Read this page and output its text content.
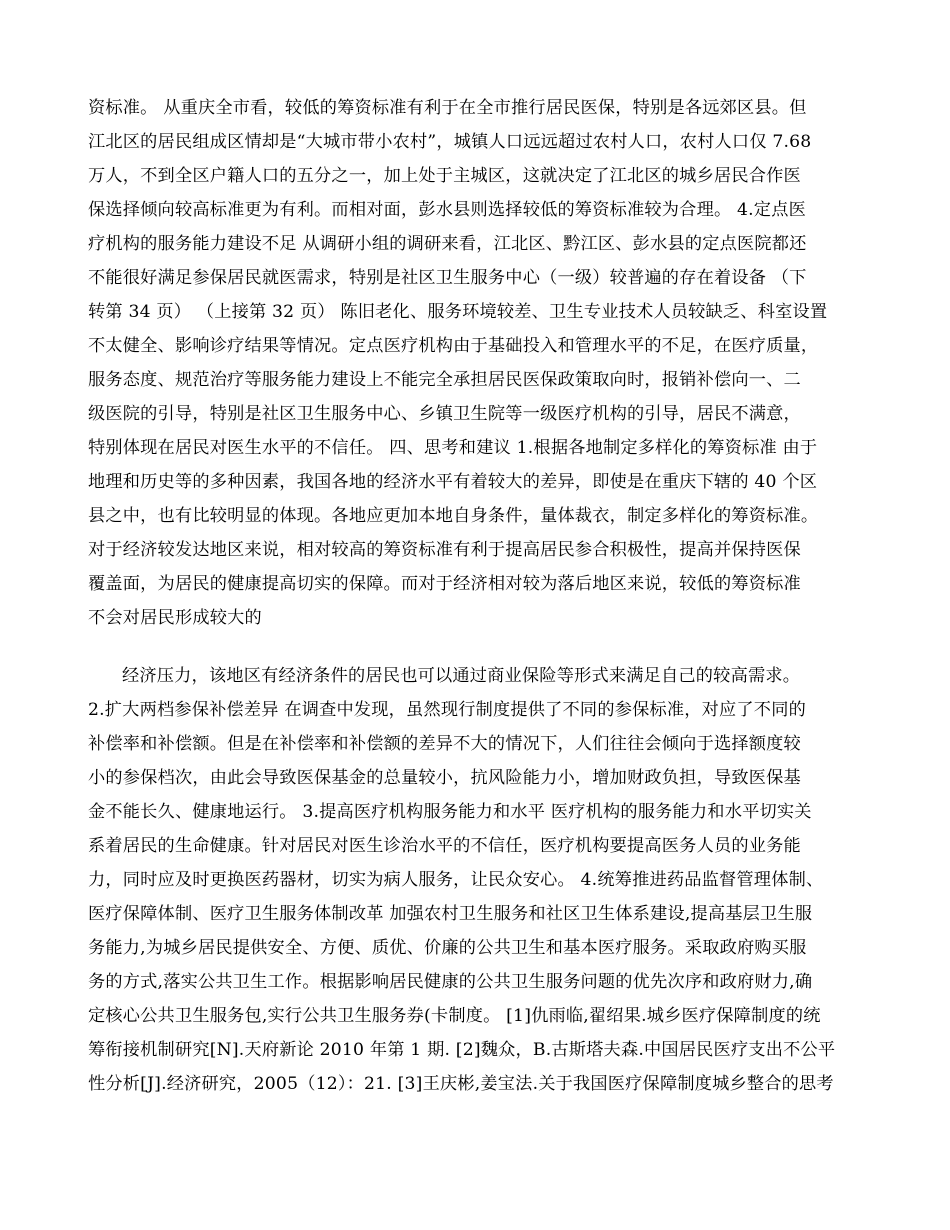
资标准。 从重庆全市看，较低的筹资标准有利于在全市推行居民医保，特别是各远郊区县。但
江北区的居民组成区情却是“大城市带小农村”，城镇人口远远超过农村人口，农村人口仅 7.68
万人，不到全区户籍人口的五分之一，加上处于主城区，这就决定了江北区的城乡居民合作医
保选择倾向较高标准更为有利。而相对面，彭水县则选择较低的筹资标准较为合理。 4.定点医
疗机构的服务能力建设不足 从调研小组的调研来看，江北区、黔江区、彭水县的定点医院都还
不能很好满足参保居民就医需求，特别是社区卫生服务中心（一级）较普遍的存在着设备 （下
转第 34 页） （上接第 32 页） 陈旧老化、服务环境较差、卫生专业技术人员较缺乏、科室设置
不太健全、影响诊疗结果等情况。定点医疗机构由于基础投入和管理水平的不足，在医疗质量，
服务态度、规范治疗等服务能力建设上不能完全承担居民医保政策取向时，报销补偿向一、二
级医院的引导，特别是社区卫生服务中心、乡镇卫生院等一级医疗机构的引导，居民不满意，
特别体现在居民对医生水平的不信任。 四、思考和建议 1.根据各地制定多样化的筹资标准 由于
地理和历史等的多种因素，我国各地的经济水平有着较大的差异，即使是在重庆下辖的 40 个区
县之中，也有比较明显的体现。各地应更加本地自身条件，量体裁衣，制定多样化的筹资标准。
对于经济较发达地区来说，相对较高的筹资标准有利于提高居民参合积极性，提高并保持医保
覆盖面，为居民的健康提高切实的保障。而对于经济相对较为落后地区来说，较低的筹资标准
不会对居民形成较大的
经济压力，该地区有经济条件的居民也可以通过商业保险等形式来满足自己的较高需求。
2.扩大两档参保补偿差异 在调查中发现，虽然现行制度提供了不同的参保标准，对应了不同的
补偿率和补偿额。但是在补偿率和补偿额的差异不大的情况下，人们往往会倾向于选择额度较
小的参保档次，由此会导致医保基金的总量较小，抗风险能力小，增加财政负担，导致医保基
金不能长久、健康地运行。 3.提高医疗机构服务能力和水平 医疗机构的服务能力和水平切实关
系着居民的生命健康。针对居民对医生诊治水平的不信任，医疗机构要提高医务人员的业务能
力，同时应及时更换医药器材，切实为病人服务，让民众安心。 4.统筹推进药品监督管理体制、
医疗保障体制、医疗卫生服务体制改革 加强农村卫生服务和社区卫生体系建设,提高基层卫生服
务能力,为城乡居民提供安全、方便、质优、价廉的公共卫生和基本医疗服务。采取政府购买服
务的方式,落实公共卫生工作。根据影响居民健康的公共卫生服务问题的优先次序和政府财力,确
定核心公共卫生服务包,实行公共卫生服务券(卡制度。 [1]仇雨临,翟绍果.城乡医疗保障制度的统
筹衔接机制研究[N].天府新论 2010 年第 1 期. [2]魏众，B.古斯塔夫森.中国居民医疗支出不公平
性分析[J].经济研究，2005（12）：21. [3]王庆彬,姜宝法.关于我国医疗保障制度城乡整合的思考
